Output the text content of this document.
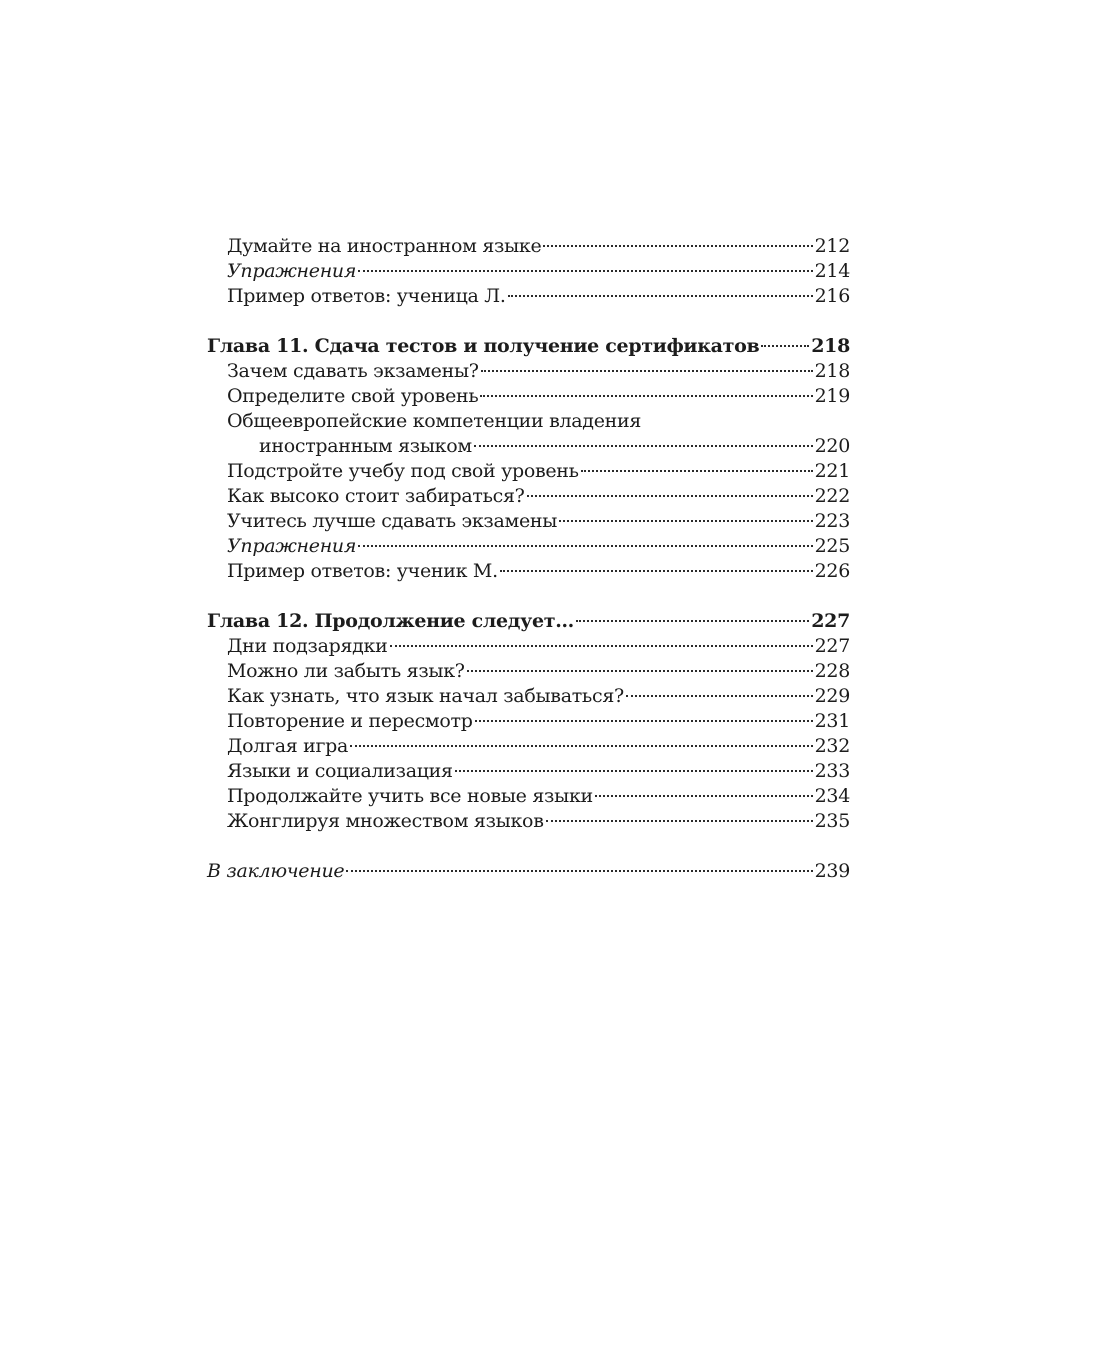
Думайте на иностранном языке	212
Упражнения	214
Пример ответов: ученица Л.	216
Глава 11. Сдача тестов и получение сертификатов	218
Зачем сдавать экзамены?	218
Определите свой уровень	219
Общеевропейские компетенции владения
иностранным языком	220
Подстройте учебу под свой уровень	221
Как высоко стоит забираться?	222
Учитесь лучше сдавать экзамены	223
Упражнения	225
Пример ответов: ученик М.	226
Глава 12. Продолжение следует…	227
Дни подзарядки	227
Можно ли забыть язык?	228
Как узнать, что язык начал забываться?	229
Повторение и пересмотр	231
Долгая игра	232
Языки и социализация	233
Продолжайте учить все новые языки	234
Жонглируя множеством языков	235
В заключение	239
